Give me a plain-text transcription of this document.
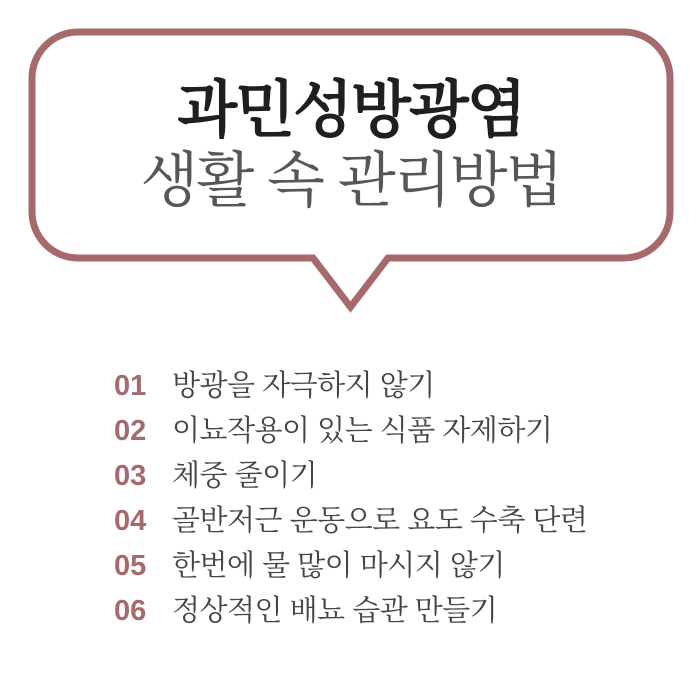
과민성방광염
생활 속 관리방법
01 방광을 자극하지 않기
02 이뇨작용이 있는 식품 자제하기
03 체중 줄이기
04 골반저근 운동으로 요도 수축 단련
05 한번에 물 많이 마시지 않기
06 정상적인 배뇨 습관 만들기
